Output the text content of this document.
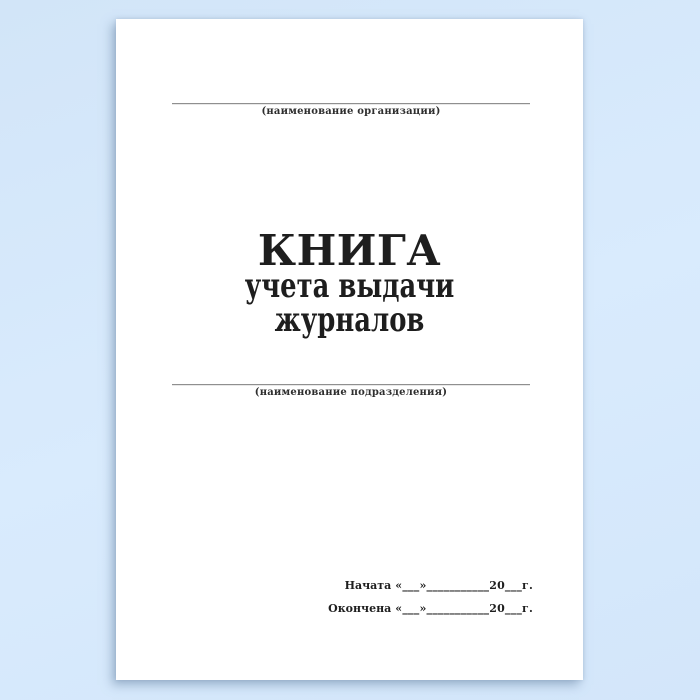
(наименование организации)
КНИГА
учета выдачи журналов
(наименование подразделения)
Начата «___»___________20___г.
Окончена «___»___________20___г.
